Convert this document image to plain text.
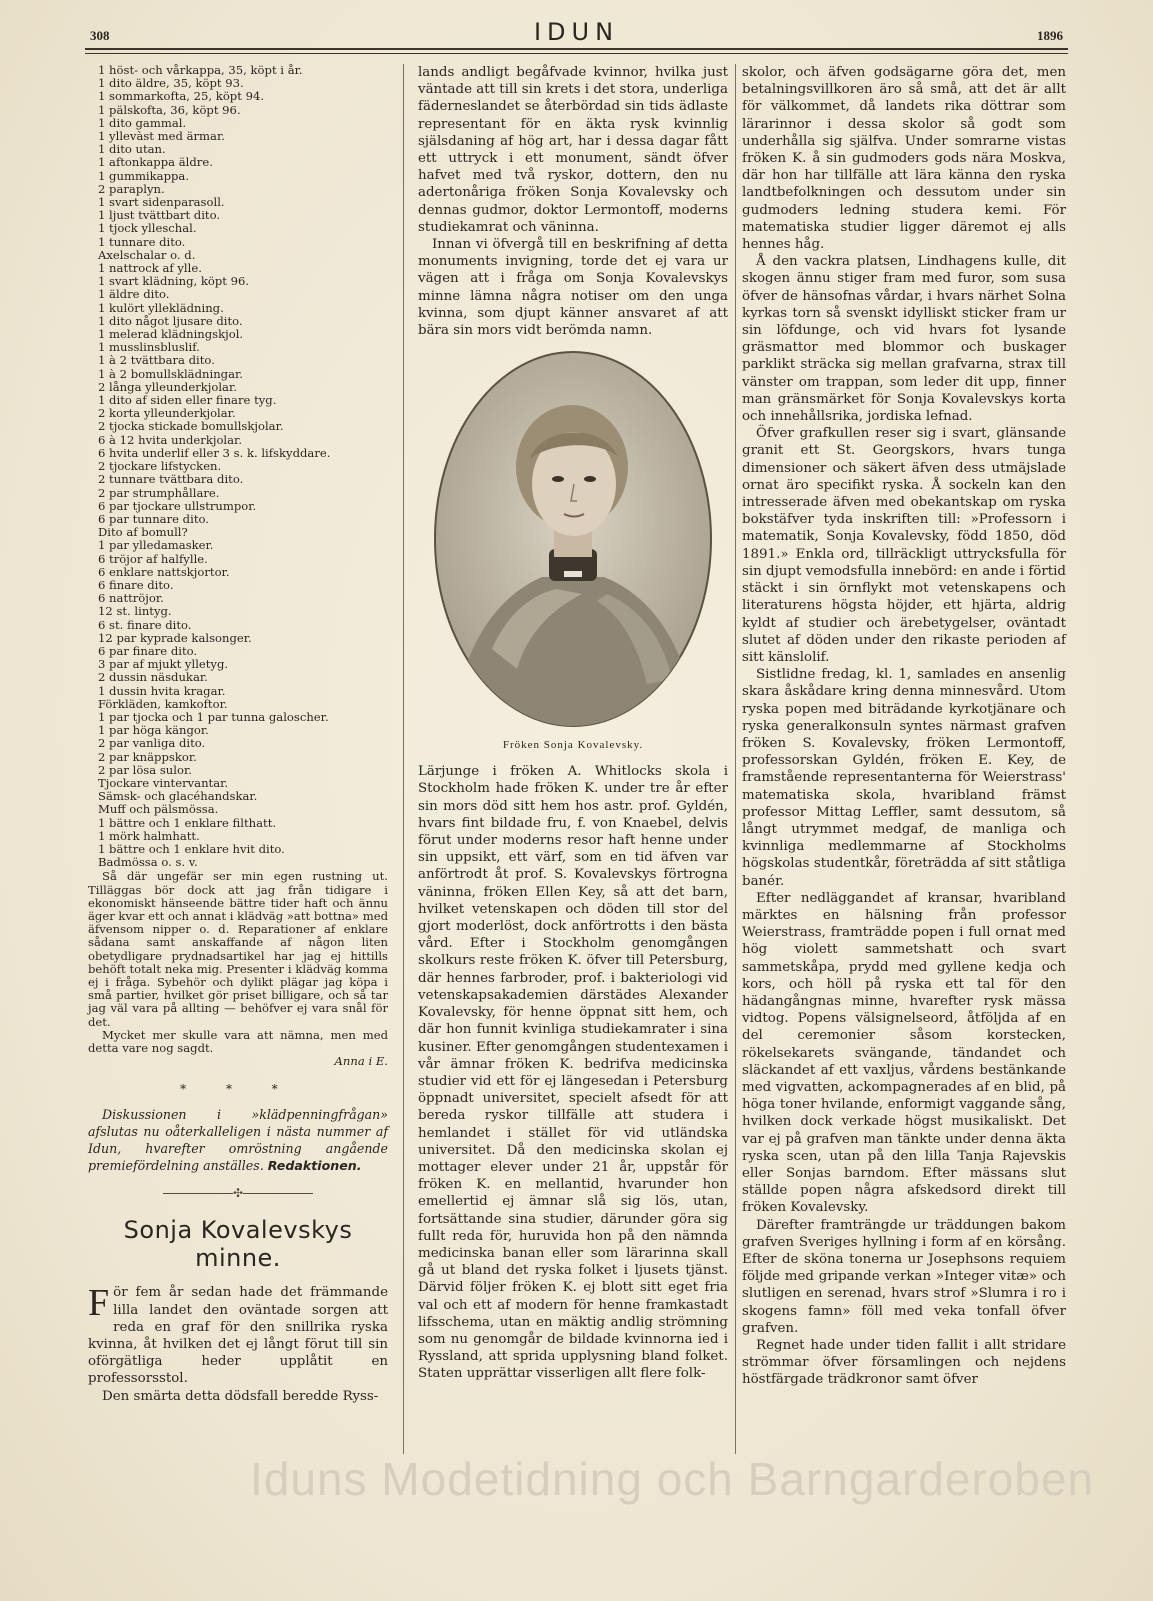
308	IDUN	1896
1 höst- och vårkappa, 35, köpt i år.
1 dito äldre, 35, köpt 93.
1 sommarkofta, 25, köpt 94.
1 pälskofta, 36, köpt 96.
1 dito gammal.
1 yllevàst med ärmar.
1 dito utan.
1 aftonkappa äldre.
1 gummikappa.
2 paraplyn.
1 svart sidenparasoll.
1 ljust tvättbart dito.
1 tjock ylleschal.
1 tunnare dito.
Axelschalar o. d.
1 nattrock af ylle.
1 svart klädning, köpt 96.
1 äldre dito.
1 kulört ylleklädning.
1 dito något ljusare dito.
1 melerad klädningskjol.
1 musslinsbluslif.
1 à 2 tvättbara dito.
1 à 2 bomullsklädningar.
2 långa ylleunderkjolar.
1 dito af siden eller finare tyg.
2 korta ylleunderkjolar.
2 tjocka stickade bomullskjolar.
6 à 12 hvita underkjolar.
6 hvita underlif eller 3 s. k. lifskyddare.
2 tjockare lifstycken.
2 tunnare tvättbara dito.
2 par strumphållare.
6 par tjockare ullstrumpor.
6 par tunnare dito.
Dito af bomull?
1 par ylledamasker.
6 tröjor af halfylle.
6 enklare nattskjortor.
6 finare dito.
6 nattröjor.
12 st. lintyg.
6 st. finare dito.
12 par kyprade kalsonger.
6 par finare dito.
3 par af mjukt ylletyg.
2 dussin näsdukar.
1 dussin hvita kragar.
Förkläden, kamkoftor.
1 par tjocka och 1 par tunna galoscher.
1 par höga kängor.
2 par vanliga dito.
2 par knäppskor.
2 par lösa sulor.
Tjockare vintervantar.
Sämsk- och glacéhandskar.
Muff och pälsmössa.
1 bättre och 1 enklare filthatt.
1 mörk halmhatt.
1 bättre och 1 enklare hvit dito.
Badmössa o. s. v.

Så där ungefär ser min egen rustning ut. Tilläggas bör dock att jag från tidigare i ekonomiskt hänseende bättre tider haft och ännu äger kvar ett och annat i klädväg »att bottna» med äfvensom nipper o. d. Reparationer af enklare sådana samt anskaffande af någon liten obetydligare prydnadsartikel har jag ej hittills behöft totalt neka mig. Presenter i klädväg komma ej i fråga. Sybehör och dylikt plägar jag köpa i små partier, hvilket gör priset billigare, och så tar jag väl vara på allting — behöfver ej vara snål för det.

Mycket mer skulle vara att nämna, men med detta vare nog sagdt.

Anna i E.
* * *

Diskussionen i »klädpenningfrågan» afslutas nu oåterkalleligen i nästa nummer af Idun, hvarefter omröstning angående premiefördelning anställes. Redaktionen.

✣
Sonja Kovalevskys minne.

För fem år sedan hade det främmande lilla landet den oväntade sorgen att reda en graf för den snillrika ryska kvinna, åt hvilken det ej långt förut till sin oförgätliga heder upplåtit en professorsstol.

Den smärta detta dödsfall beredde Ryss-

lands andligt begåfvade kvinnor, hvilka just väntade att till sin krets i det stora, underliga fäderneslandet se återbördad sin tids ädlaste representant för en äkta rysk kvinnlig själsdaning af hög art, har i dessa dagar fått ett uttryck i ett monument, sändt öfver hafvet med två ryskor, dottern, den nu adertonåriga fröken Sonja Kovalevsky och dennas gudmor, doktor Lermontoff, moderns studiekamrat och väninna.

Innan vi öfvergå till en beskrifning af detta monuments invigning, torde det ej vara ur vägen att i fråga om Sonja Kovalevskys minne lämna några notiser om den unga kvinna, som djupt känner ansvaret af att bära sin mors vidt berömda namn.

Fröken Sonja Kovalevsky.

Lärjunge i fröken A. Whitlocks skola i Stockholm hade fröken K. under tre år efter sin mors död sitt hem hos astr. prof. Gyldén, hvars fint bildade fru, f. von Knaebel, delvis förut under moderns resor haft henne under sin uppsikt, ett värf, som en tid äfven var anförtrodt åt prof. S. Kovalevskys förtrogna väninna, fröken Ellen Key, så att det barn, hvilket vetenskapen och döden till stor del gjort moderlöst, dock anförtrotts i den bästa vård. Efter i Stockholm genomgången skolkurs reste fröken K. öfver till Petersburg, där hennes farbroder, prof. i bakteriologi vid vetenskapsakademien därstädes Alexander Kovalevsky, för henne öppnat sitt hem, och där hon funnit kvinliga studiekamrater i sina kusiner. Efter genomgången studentexamen i vår ämnar fröken K. bedrifva medicinska studier vid ett för ej längesedan i Petersburg öppnadt universitet, specielt afsedt för att bereda ryskor tillfälle att studera i hemlandet i stället för vid utländska universitet. Då den medicinska skolan ej mottager elever under 21 år, uppstår för fröken K. en mellantid, hvarunder hon emellertid ej ämnar slå sig lös, utan, fortsättande sina studier, därunder göra sig fullt reda för, huruvida hon på den nämnda medicinska banan eller som lärarinna skall gå ut bland det ryska folket i ljusets tjänst. Därvid följer fröken K. ej blott sitt eget fria val och ett af modern för henne framkastadt lifsschema, utan en mäktig andlig strömning som nu genomgår de bildade kvinnorna ied i Ryssland, att sprida upplysning bland folket. Staten upprättar visserligen allt flere folk-

skolor, och äfven godsägarne göra det, men betalningsvillkoren äro så små, att det är allt för välkommet, då landets rika döttrar som lärarinnor i dessa skolor så godt som underhålla sig själfva. Under somrarne vistas fröken K. å sin gudmoders gods nära Moskva, där hon har tillfälle att lära känna den ryska landtbefolkningen och dessutom under sin gudmoders ledning studera kemi. För matematiska studier ligger däremot ej alls hennes håg.

Å den vackra platsen, Lindhagens kulle, dit skogen ännu stiger fram med furor, som susa öfver de hänsofnas vårdar, i hvars närhet Solna kyrkas torn så svenskt idylliskt sticker fram ur sin löfdunge, och vid hvars fot lysande gräsmattor med blommor och buskager parklikt sträcka sig mellan grafvarna, strax till vänster om trappan, som leder dit upp, finner man gränsmärket för Sonja Kovalevskys korta och innehållsrika, jordiska lefnad.

Öfver grafkullen reser sig i svart, glänsande granit ett St. Georgskors, hvars tunga dimensioner och säkert äfven dess utmäjslade ornat äro specifikt ryska. Å sockeln kan den intresserade äfven med obekantskap om ryska bokstäfver tyda inskriften till: »Professorn i matematik, Sonja Kovalevsky, född 1850, död 1891.» Enkla ord, tillräckligt uttrycksfulla för sin djupt vemodsfulla innebörd: en ande i förtid stäckt i sin örnflykt mot vetenskapens och literaturens högsta höjder, ett hjärta, aldrig kyldt af studier och ärebetygelser, oväntadt slutet af döden under den rikaste perioden af sitt känslolif.

Sistlidne fredag, kl. 1, samlades en ansenlig skara åskådare kring denna minnesvård. Utom ryska popen med biträdande kyrkotjänare och ryska generalkonsuln syntes närmast grafven fröken S. Kovalevsky, fröken Lermontoff, professorskan Gyldén, fröken E. Key, de framstående representanterna för Weierstrass' matematiska skola, hvaribland främst professor Mittag Leffler, samt dessutom, så långt utrymmet medgaf, de manliga och kvinnliga medlemmarne af Stockholms högskolas studentkår, företrädda af sitt ståtliga banér.

Efter nedläggandet af kransar, hvaribland märktes en hälsning från professor Weierstrass, framträdde popen i full ornat med hög violett sammetshatt och svart sammetskåpa, prydd med gyllene kedja och kors, och höll på ryska ett tal för den hädangångnas minne, hvarefter rysk mässa vidtog. Popens välsignelseord, åtföljda af en del ceremonier såsom korstecken, rökelsekarets svängande, tändandet och släckandet af ett vaxljus, vårdens bestänkande med vigvatten, ackompagnerades af en blid, på höga toner hvilande, enformigt vaggande sång, hvilken dock verkade högst musikaliskt. Det var ej på grafven man tänkte under denna äkta ryska scen, utan på den lilla Tanja Rajevskis eller Sonjas barndom. Efter mässans slut ställde popen några afskedsord direkt till fröken Kovalevsky.

Därefter framträngde ur träddungen bakom grafven Sveriges hyllning i form af en körsång. Efter de sköna tonerna ur Josephsons requiem följde med gripande verkan »Integer vitæ» och slutligen en serenad, hvars strof »Slumra i ro i skogens famn» föll med veka tonfall öfver grafven.

Regnet hade under tiden fallit i allt stridare strömmar öfver församlingen och nejdens höstfärgade trädkronor samt öfver

Iduns Modetidning och Barngarderoben
